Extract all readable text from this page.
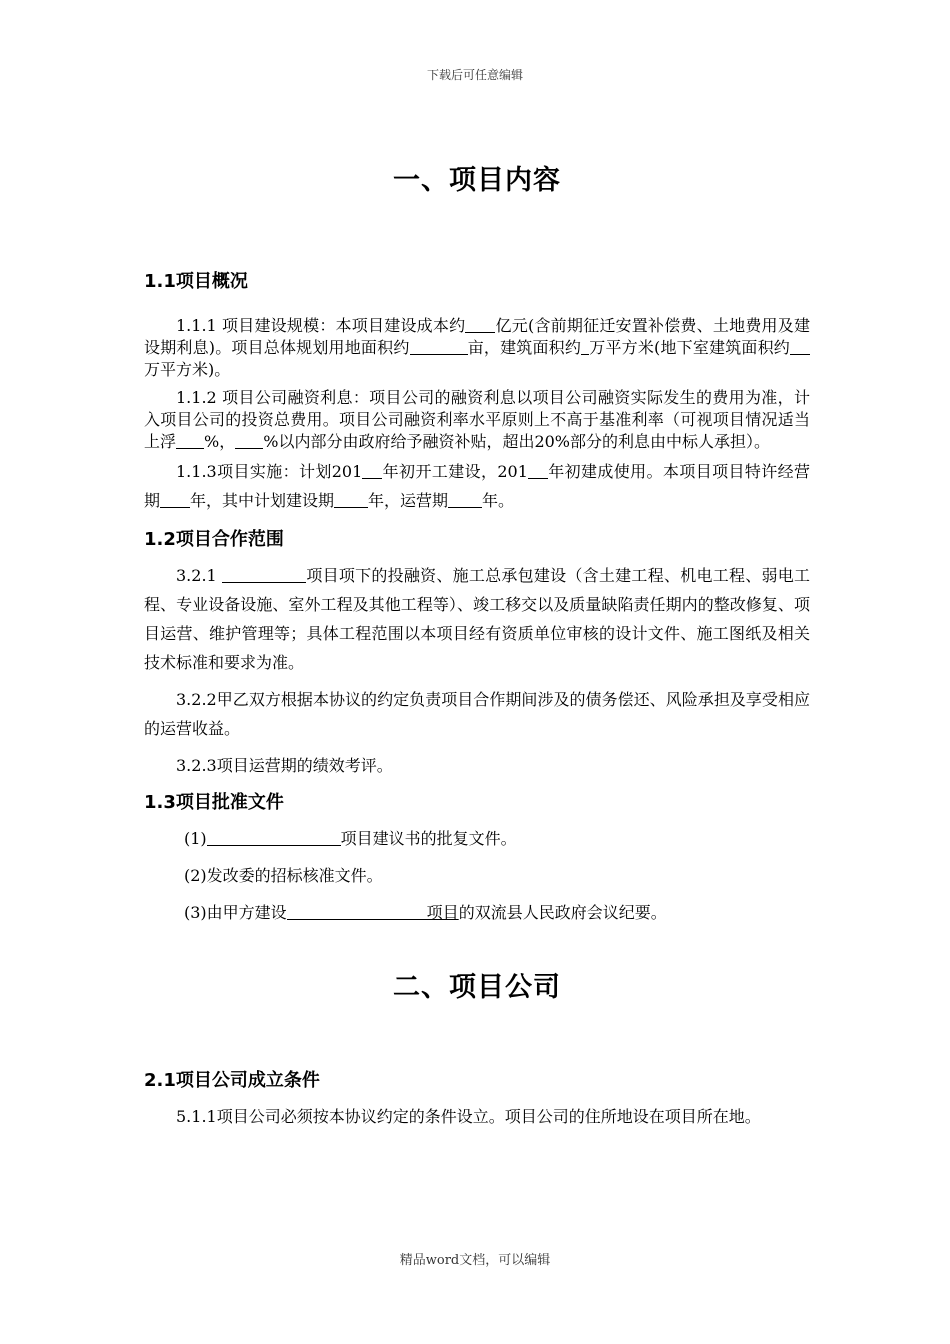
下载后可任意编辑
一、项目内容
1.1项目概况

1.1.1 项目建设规模：本项目建设成本约 亿元(含前期征迁安置补偿费、土地费用及建设期利息)。项目总体规划用地面积约	亩，建筑面积约 万平方米(地下室建筑面积约万平方米)。

1.1.2 项目公司融资利息：项目公司的融资利息以项目公司融资实际发生的费用为准，计入项目公司的投资总费用。项目公司融资利率水平原则上不高于基准利率（可视项目情况适当上浮 %， %以内部分由政府给予融资补贴，超出20%部分的利息由中标人承担）。

1.1.3项目实施：计划201 年初开工建设，201 年初建成使用。本项目项目特许经营期 年，其中计划建设期 年，运营期 年。

1.2项目合作范围

3.2.1	项目项下的投融资、施工总承包建设（含土建工程、机电工程、弱电工程、专业设备设施、室外工程及其他工程等）、竣工移交以及质量缺陷责任期内的整改修复、项目运营、维护管理等；具体工程范围以本项目经有资质单位审核的设计文件、施工图纸及相关技术标准和要求为准。

3.2.2甲乙双方根据本协议的约定负责项目合作期间涉及的债务偿还、风险承担及享受相应的运营收益。

3.2.3项目运营期的绩效考评。

1.3项目批准文件

(1)	项目建议书的批复文件。

(2)发改委的招标核准文件。

(3)由甲方建设	项目的双流县人民政府会议纪要。

二、项目公司
2.1项目公司成立条件

5.1.1项目公司必须按本协议约定的条件设立。项目公司的住所地设在项目所在地。

精品word文档，可以编辑
